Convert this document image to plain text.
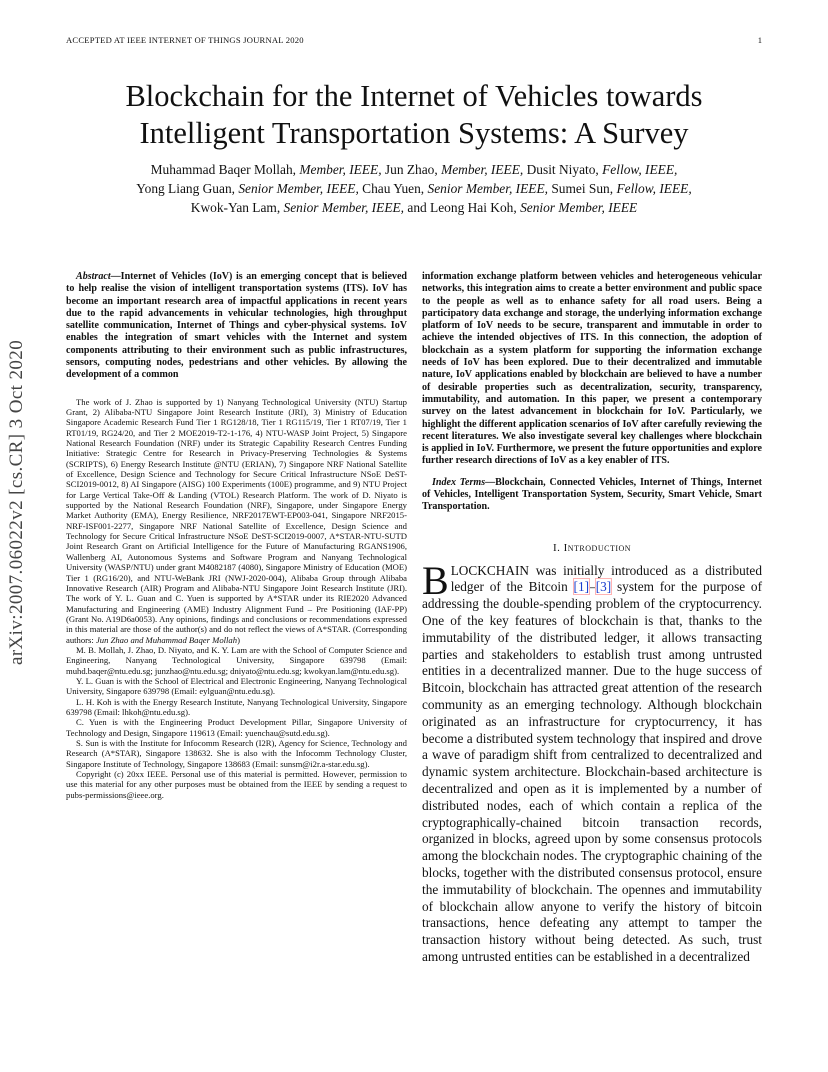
ACCEPTED AT IEEE INTERNET OF THINGS JOURNAL 2020	1
Blockchain for the Internet of Vehicles towards
Intelligent Transportation Systems: A Survey
Muhammad Baqer Mollah, Member, IEEE, Jun Zhao, Member, IEEE, Dusit Niyato, Fellow, IEEE,
Yong Liang Guan, Senior Member, IEEE, Chau Yuen, Senior Member, IEEE, Sumei Sun, Fellow, IEEE,
Kwok-Yan Lam, Senior Member, IEEE, and Leong Hai Koh, Senior Member, IEEE
arXiv:2007.06022v2 [cs.CR] 3 Oct 2020

Abstract—Internet of Vehicles (IoV) is an emerging concept that is believed to help realise the vision of intelligent transportation systems (ITS). IoV has become an important research area of impactful applications in recent years due to the rapid advancements in vehicular technologies, high throughput satellite communication, Internet of Things and cyber-physical systems. IoV enables the integration of smart vehicles with the Internet and system components attributing to their environment such as public infrastructures, sensors, computing nodes, pedestrians and other vehicles. By allowing the development of a common

The work of J. Zhao is supported by 1) Nanyang Technological University (NTU) Startup Grant, 2) Alibaba-NTU Singapore Joint Research Institute (JRI), 3) Ministry of Education Singapore Academic Research Fund Tier 1 RG128/18, Tier 1 RG115/19, Tier 1 RT07/19, Tier 1 RT01/19, RG24/20, and Tier 2 MOE2019-T2-1-176, 4) NTU-WASP Joint Project, 5) Singapore National Research Foundation (NRF) under its Strategic Capability Research Centres Funding Initiative: Strategic Centre for Research in Privacy-Preserving Technologies & Systems (SCRIPTS), 6) Energy Research Institute @NTU (ERIAN), 7) Singapore NRF National Satellite of Excellence, Design Science and Technology for Secure Critical Infrastructure NSoE DeST-SCI2019-0012, 8) AI Singapore (AISG) 100 Experiments (100E) programme, and 9) NTU Project for Large Vertical Take-Off & Landing (VTOL) Research Platform. The work of D. Niyato is supported by the National Research Foundation (NRF), Singapore, under Singapore Energy Market Authority (EMA), Energy Resilience, NRF2017EWT-EP003-041, Singapore NRF2015-NRF-ISF001-2277, Singapore NRF National Satellite of Excellence, Design Science and Technology for Secure Critical Infrastructure NSoE DeST-SCI2019-0007, A*STAR-NTU-SUTD Joint Research Grant on Artificial Intelligence for the Future of Manufacturing RGANS1906, Wallenberg AI, Autonomous Systems and Software Program and Nanyang Technological University (WASP/NTU) under grant M4082187 (4080), Singapore Ministry of Education (MOE) Tier 1 (RG16/20), and NTU-WeBank JRI (NWJ-2020-004), Alibaba Group through Alibaba Innovative Research (AIR) Program and Alibaba-NTU Singapore Joint Research Institute (JRI). The work of Y. L. Guan and C. Yuen is supported by A*STAR under its RIE2020 Advanced Manufacturing and Engineering (AME) Industry Alignment Fund – Pre Positioning (IAF-PP) (Grant No. A19D6a0053). Any opinions, findings and conclusions or recommendations expressed in this material are those of the author(s) and do not reflect the views of A*STAR. (Corresponding authors: Jun Zhao and Muhammad Baqer Mollah)

M. B. Mollah, J. Zhao, D. Niyato, and K. Y. Lam are with the School of Computer Science and Engineering, Nanyang Technological University, Singapore 639798 (Email: muhd.baqer@ntu.edu.sg; junzhao@ntu.edu.sg; dniyato@ntu.edu.sg; kwokyan.lam@ntu.edu.sg).

Y. L. Guan is with the School of Electrical and Electronic Engineering, Nanyang Technological University, Singapore 639798 (Email: eylguan@ntu.edu.sg).

L. H. Koh is with the Energy Research Institute, Nanyang Technological University, Singapore 639798 (Email: lhkoh@ntu.edu.sg).

C. Yuen is with the Engineering Product Development Pillar, Singapore University of Technology and Design, Singapore 119613 (Email: yuenchau@sutd.edu.sg).

S. Sun is with the Institute for Infocomm Research (I2R), Agency for Science, Technology and Research (A*STAR), Singapore 138632. She is also with the Infocomm Technology Cluster, Singapore Institute of Technology, Singapore 138683 (Email: sunsm@i2r.a-star.edu.sg).

Copyright (c) 20xx IEEE. Personal use of this material is permitted. However, permission to use this material for any other purposes must be obtained from the IEEE by sending a request to pubs-permissions@ieee.org.

information exchange platform between vehicles and heterogeneous vehicular networks, this integration aims to create a better environment and public space to the people as well as to enhance safety for all road users. Being a participatory data exchange and storage, the underlying information exchange platform of IoV needs to be secure, transparent and immutable in order to achieve the intended objectives of ITS. In this connection, the adoption of blockchain as a system platform for supporting the information exchange needs of IoV has been explored. Due to their decentralized and immutable nature, IoV applications enabled by blockchain are believed to have a number of desirable properties such as decentralization, security, transparency, immutability, and automation. In this paper, we present a contemporary survey on the latest advancement in blockchain for IoV. Particularly, we highlight the different application scenarios of IoV after carefully reviewing the recent literatures. We also investigate several key challenges where blockchain is applied in IoV. Furthermore, we present the future opportunities and explore further research directions of IoV as a key enabler of ITS.

Index Terms—Blockchain, Connected Vehicles, Internet of Things, Internet of Vehicles, Intelligent Transportation System, Security, Smart Vehicle, Smart Transportation.

I. Introduction

BLOCKCHAIN was initially introduced as a distributed ledger of the Bitcoin [1]–[3] system for the purpose of addressing the double-spending problem of the cryptocurrency. One of the key features of blockchain is that, thanks to the immutability of the distributed ledger, it allows transacting parties and stakeholders to establish trust among untrusted entities in a decentralized manner. Due to the huge success of Bitcoin, blockchain has attracted great attention of the research community as an emerging technology. Although blockchain originated as an infrastructure for cryptocurrency, it has become a distributed system technology that inspired and drove a wave of paradigm shift from centralized to decentralized and dynamic system architecture. Blockchain-based architecture is decentralized and open as it is implemented by a number of distributed nodes, each of which contain a replica of the cryptographically-chained bitcoin transaction records, organized in blocks, agreed upon by some consensus protocols among the blockchain nodes. The cryptographic chaining of the blocks, together with the distributed consensus protocol, ensure the immutability of blockchain. The opennes and immutability of blockchain allow anyone to verify the history of bitcoin transactions, hence defeating any attempt to tamper the transaction history without being detected. As such, trust among untrusted entities can be established in a decentralized
